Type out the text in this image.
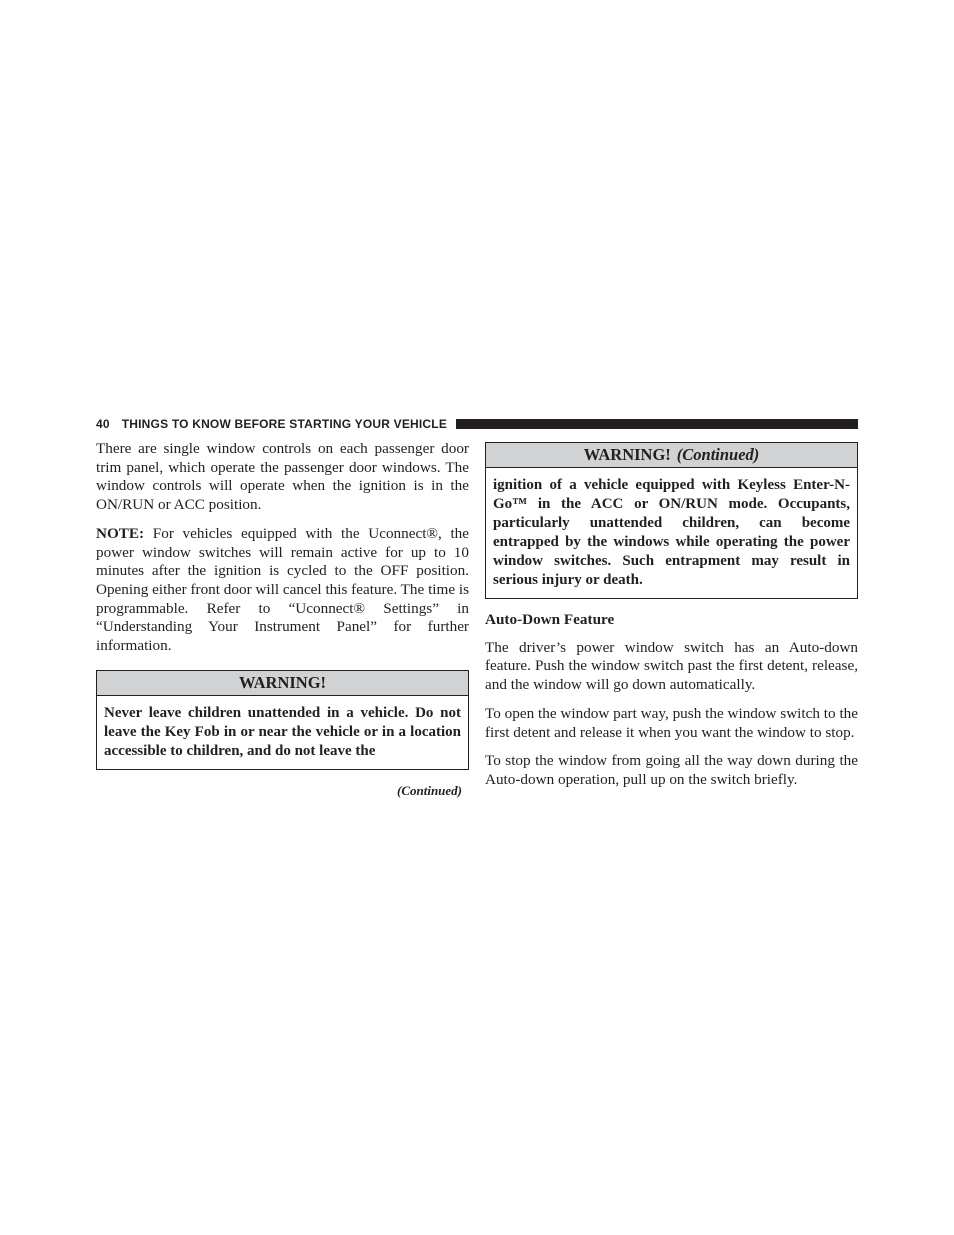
40 THINGS TO KNOW BEFORE STARTING YOUR VEHICLE

There are single window controls on each passenger door trim panel, which operate the passenger door windows. The window controls will operate when the ignition is in the ON/RUN or ACC position.

NOTE: For vehicles equipped with the Uconnect®, the power window switches will remain active for up to 10 minutes after the ignition is cycled to the OFF position. Opening either front door will cancel this feature. The time is programmable. Refer to “Uconnect® Settings” in “Understanding Your Instrument Panel” for further information.

WARNING!
Never leave children unattended in a vehicle. Do not leave the Key Fob in or near the vehicle or in a location accessible to children, and do not leave the
(Continued)
WARNING! (Continued)
ignition of a vehicle equipped with Keyless Enter-N-Go™ in the ACC or ON/RUN mode. Occupants, particularly unattended children, can become entrapped by the windows while operating the power window switches. Such entrapment may result in serious injury or death.
Auto-Down Feature

The driver’s power window switch has an Auto-down feature. Push the window switch past the first detent, release, and the window will go down automatically.

To open the window part way, push the window switch to the first detent and release it when you want the window to stop.

To stop the window from going all the way down during the Auto-down operation, pull up on the switch briefly.
